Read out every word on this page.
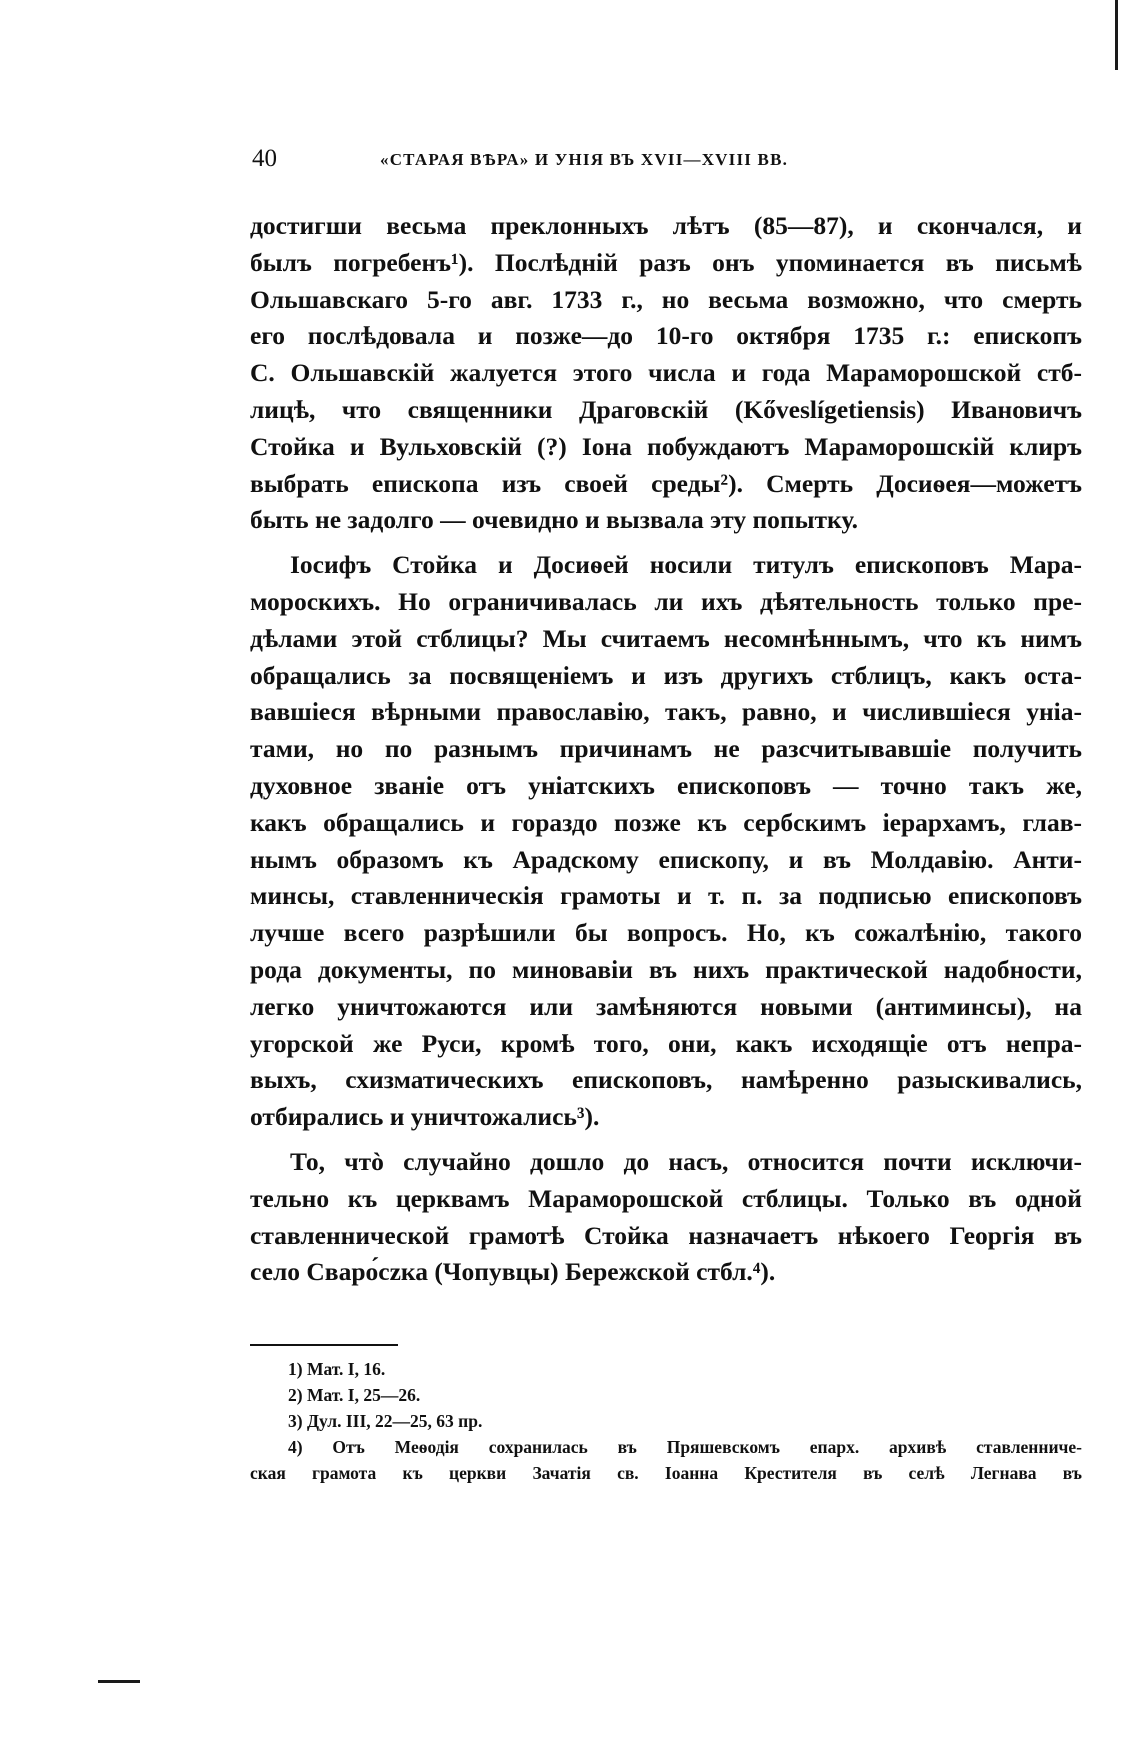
40	«СТАРАЯ ВѢРА» И УНІЯ ВЪ XVII—XVIII ВВ.
достигши весьма преклонныхъ лѣтъ (85—87), и скончался, и
былъ погребенъ¹). Послѣдній разъ онъ упоминается въ письмѣ
Ольшавскаго 5-го авг. 1733 г., но весьма возможно, что смерть
его послѣдовала и позже—до 10-го октября 1735 г.: епископъ
С. Ольшавскій жалуется этого числа и года Мараморошской стб-
лицѣ, что священники Драговскій (Kőveslígetiensis) Ивановичъ
Стойка и Вульховскій (?) Іона побуждаютъ Мараморошскій клиръ
выбрать епископа изъ своей среды²). Смерть Досиѳея—можетъ
быть не задолго — очевидно и вызвала эту попытку.
Іосифъ Стойка и Досиѳей носили титулъ епископовъ Мара-
мороскихъ. Но ограничивалась ли ихъ дѣятельность только пре-
дѣлами этой стблицы? Мы считаемъ несомнѣннымъ, что къ нимъ
обращались за посвященіемъ и изъ другихъ стблицъ, какъ оста-
вавшіеся вѣрными православію, такъ, равно, и числившіеся унiа-
тами, но по разнымъ причинамъ не разсчитывавшіе получить
духовное званіе отъ уніатскихъ епископовъ — точно такъ же,
какъ обращались и гораздо позже къ сербскимъ іерархамъ, глав-
нымъ образомъ къ Арадскому епископу, и въ Молдавію. Анти-
минсы, ставленническія грамоты и т. п. за подписью епископовъ
лучше всего разрѣшили бы вопросъ. Но, къ сожалѣнію, такого
рода документы, по миновавіи въ нихъ практической надобности,
легко уничтожаются или замѣняются новыми (антиминсы), на
угорской же Руси, кромѣ того, они, какъ исходящіе отъ непра-
выхъ, схизматическихъ епископовъ, намѣренно разыскивались,
отбирались и уничтожались³).
То, чтò случайно дошло до насъ, относится почти исключи-
тельно къ церквамъ Мараморошской стблицы. Только въ одной
ставленнической грамотѣ Стойка назначаетъ нѣкоего Георгія въ
село Сваро́сzка (Чопувцы) Бережской стбл.⁴).
1) Мат. I, 16.
2) Мат. I, 25—26.
3) Дул. III, 22—25, 63 пр.
4) Отъ Меѳодія сохранилась въ Пряшевскомъ епарх. архивѣ ставленниче-
ская грамота къ церкви Зачатія св. Іоанна Крестителя въ селѣ Легнава въ
